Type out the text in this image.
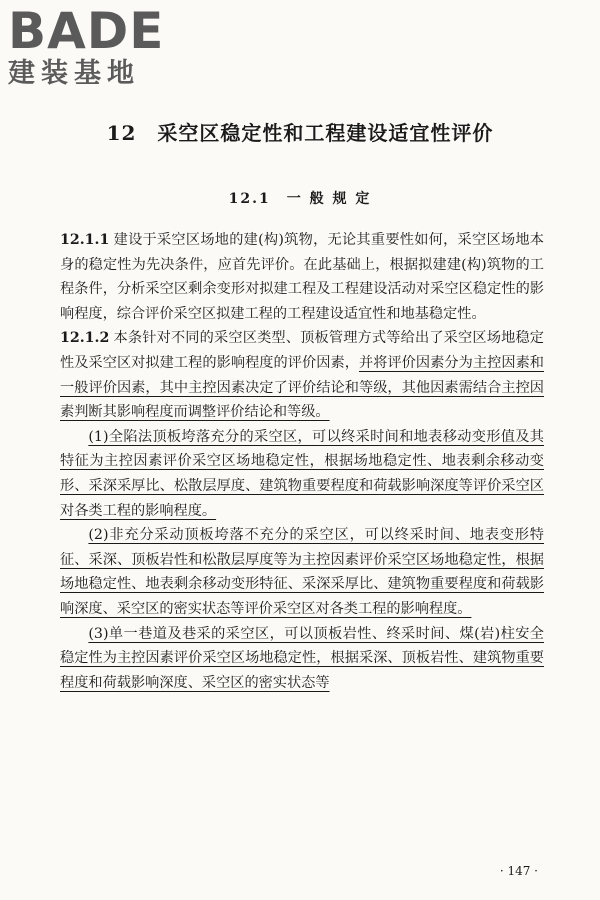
BADE
建装基地
12　采空区稳定性和工程建设适宜性评价
12.1　一 般 规 定

12.1.1 建设于采空区场地的建(构)筑物，无论其重要性如何，采空区场地本身的稳定性为先决条件，应首先评价。在此基础上，根据拟建建(构)筑物的工程条件，分析采空区剩余变形对拟建工程及工程建设活动对采空区稳定性的影响程度，综合评价采空区拟建工程的工程建设适宜性和地基稳定性。

12.1.2 本条针对不同的采空区类型、顶板管理方式等给出了采空区场地稳定性及采空区对拟建工程的影响程度的评价因素，并将评价因素分为主控因素和一般评价因素，其中主控因素决定了评价结论和等级，其他因素需结合主控因素判断其影响程度而调整评价结论和等级。

(1)全陷法顶板垮落充分的采空区，可以终采时间和地表移动变形值及其特征为主控因素评价采空区场地稳定性，根据场地稳定性、地表剩余移动变形、采深采厚比、松散层厚度、建筑物重要程度和荷载影响深度等评价采空区对各类工程的影响程度。

(2)非充分采动顶板垮落不充分的采空区，可以终采时间、地表变形特征、采深、顶板岩性和松散层厚度等为主控因素评价采空区场地稳定性，根据场地稳定性、地表剩余移动变形特征、采深采厚比、建筑物重要程度和荷载影响深度、采空区的密实状态等评价采空区对各类工程的影响程度。

(3)单一巷道及巷采的采空区，可以顶板岩性、终采时间、煤(岩)柱安全稳定性为主控因素评价采空区场地稳定性，根据采深、顶板岩性、建筑物重要程度和荷载影响深度、采空区的密实状态等

· 147 ·
